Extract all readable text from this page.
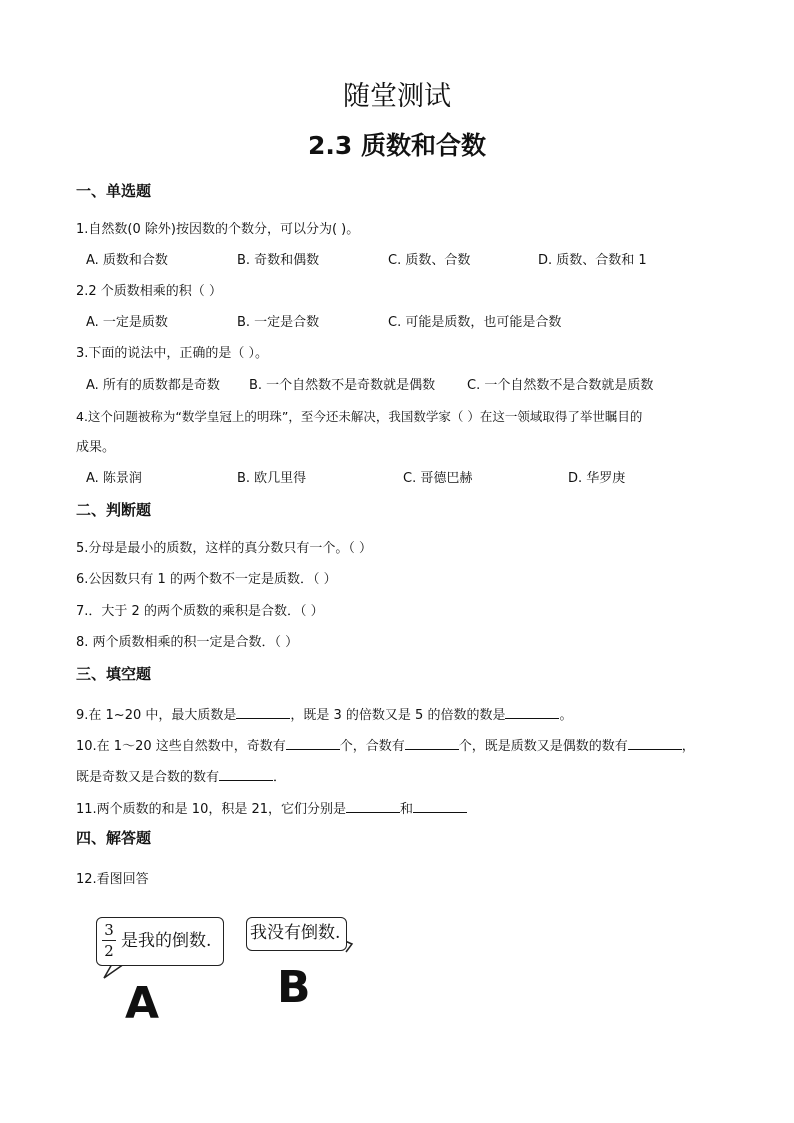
随堂测试
2.3 质数和合数
一、单选题
1.自然数(0 除外)按因数的个数分，可以分为( )。
A. 质数和合数	B. 奇数和偶数	C. 质数、合数	D. 质数、合数和 1
2.2 个质数相乘的积（ ）
A. 一定是质数	B. 一定是合数	C. 可能是质数，也可能是合数
3.下面的说法中，正确的是（ ）。
A. 所有的质数都是奇数 B. 一个自然数不是奇数就是偶数 C. 一个自然数不是合数就是质数
4.这个问题被称为“数学皇冠上的明珠”，至今还未解决，我国数学家（ ）在这一领域取得了举世瞩目的
成果。
A. 陈景润	B. 欧几里得	C. 哥德巴赫	D. 华罗庚
二、判断题
5.分母是最小的质数，这样的真分数只有一个。（ ）
6.公因数只有 1 的两个数不一定是质数．（ ）
7.．大于 2 的两个质数的乘积是合数．（ ）
8. 两个质数相乘的积一定是合数．（ ）
三、填空题
9.在 1~20 中，最大质数是	，既是 3 的倍数又是 5 的倍数的数是	。
10.在 1～20 这些自然数中，奇数有	个，合数有	个，既是质数又是偶数的数有	，
既是奇数又是合数的数有	．
11.两个质数的和是 10，积是 21，它们分别是	和
四、解答题
12.看图回答
3
2 是我的倒数. 我没有倒数.
A	B
